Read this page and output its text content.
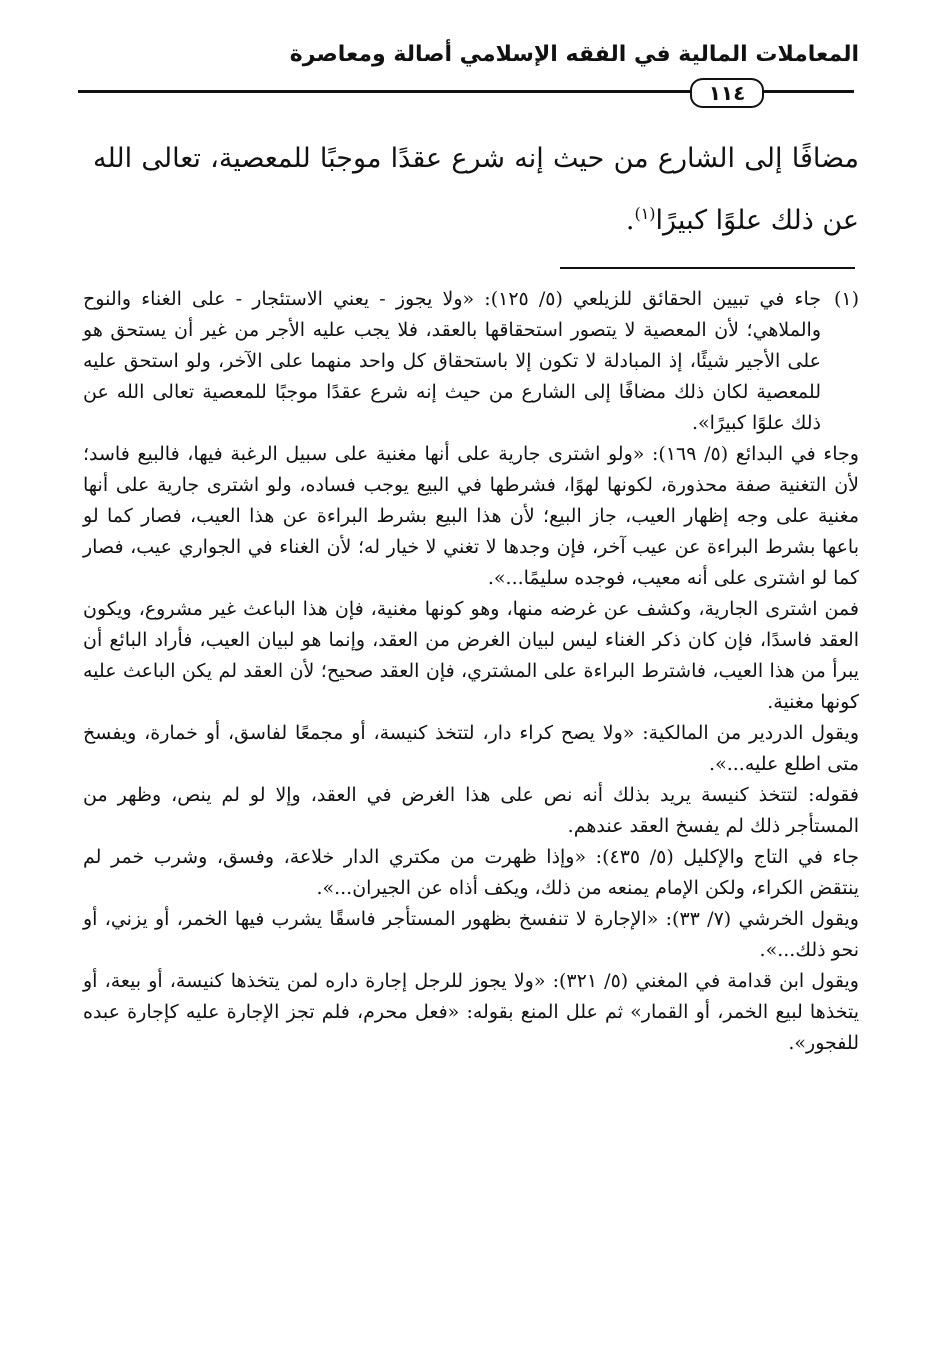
المعاملات المالية في الفقه الإسلامي أصالة ومعاصرة
١١٤
مضافًا إلى الشارع من حيث إنه شرع عقدًا موجبًا للمعصية، تعالى الله عن ذلك علوًا كبيرًا$^{(١)}$.
(١)

جاء في تبيين الحقائق للزيلعي (٥/ ١٢٥): «ولا يجوز - يعني الاستئجار - على الغناء والنوح والملاهي؛ لأن المعصية لا يتصور استحقاقها بالعقد، فلا يجب عليه الأجر من غير أن يستحق هو على الأجير شيئًا، إذ المبادلة لا تكون إلا باستحقاق كل واحد منهما على الآخر، ولو استحق عليه للمعصية لكان ذلك مضافًا إلى الشارع من حيث إنه شرع عقدًا موجبًا للمعصية تعالى الله عن ذلك علوًا كبيرًا».

وجاء في البدائع (٥/ ١٦٩): «ولو اشترى جارية على أنها مغنية على سبيل الرغبة فيها، فالبيع فاسد؛ لأن التغنية صفة محذورة، لكونها لهوًا، فشرطها في البيع يوجب فساده، ولو اشترى جارية على أنها مغنية على وجه إظهار العيب، جاز البيع؛ لأن هذا البيع بشرط البراءة عن هذا العيب، فصار كما لو باعها بشرط البراءة عن عيب آخر، فإن وجدها لا تغني لا خيار له؛ لأن الغناء في الجواري عيب، فصار كما لو اشترى على أنه معيب، فوجده سليمًا...».

فمن اشترى الجارية، وكشف عن غرضه منها، وهو كونها مغنية، فإن هذا الباعث غير مشروع، ويكون العقد فاسدًا، فإن كان ذكر الغناء ليس لبيان الغرض من العقد، وإنما هو لبيان العيب، فأراد البائع أن يبرأ من هذا العيب، فاشترط البراءة على المشتري، فإن العقد صحيح؛ لأن العقد لم يكن الباعث عليه كونها مغنية.

ويقول الدردير من المالكية: «ولا يصح كراء دار، لتتخذ كنيسة، أو مجمعًا لفاسق، أو خمارة، ويفسخ متى اطلع عليه...».

فقوله: لتتخذ كنيسة يريد بذلك أنه نص على هذا الغرض في العقد، وإلا لو لم ينص، وظهر من المستأجر ذلك لم يفسخ العقد عندهم.

جاء في التاج والإكليل (٥/ ٤٣٥): «وإذا ظهرت من مكتري الدار خلاعة، وفسق، وشرب خمر لم ينتقض الكراء، ولكن الإمام يمنعه من ذلك، ويكف أذاه عن الجيران...».

ويقول الخرشي (٧/ ٣٣): «الإجارة لا تنفسخ بظهور المستأجر فاسقًا يشرب فيها الخمر، أو يزني، أو نحو ذلك...».

ويقول ابن قدامة في المغني (٥/ ٣٢١): «ولا يجوز للرجل إجارة داره لمن يتخذها كنيسة، أو بيعة، أو يتخذها لبيع الخمر، أو القمار» ثم علل المنع بقوله: «فعل محرم، فلم تجز الإجارة عليه كإجارة عبده للفجور».
